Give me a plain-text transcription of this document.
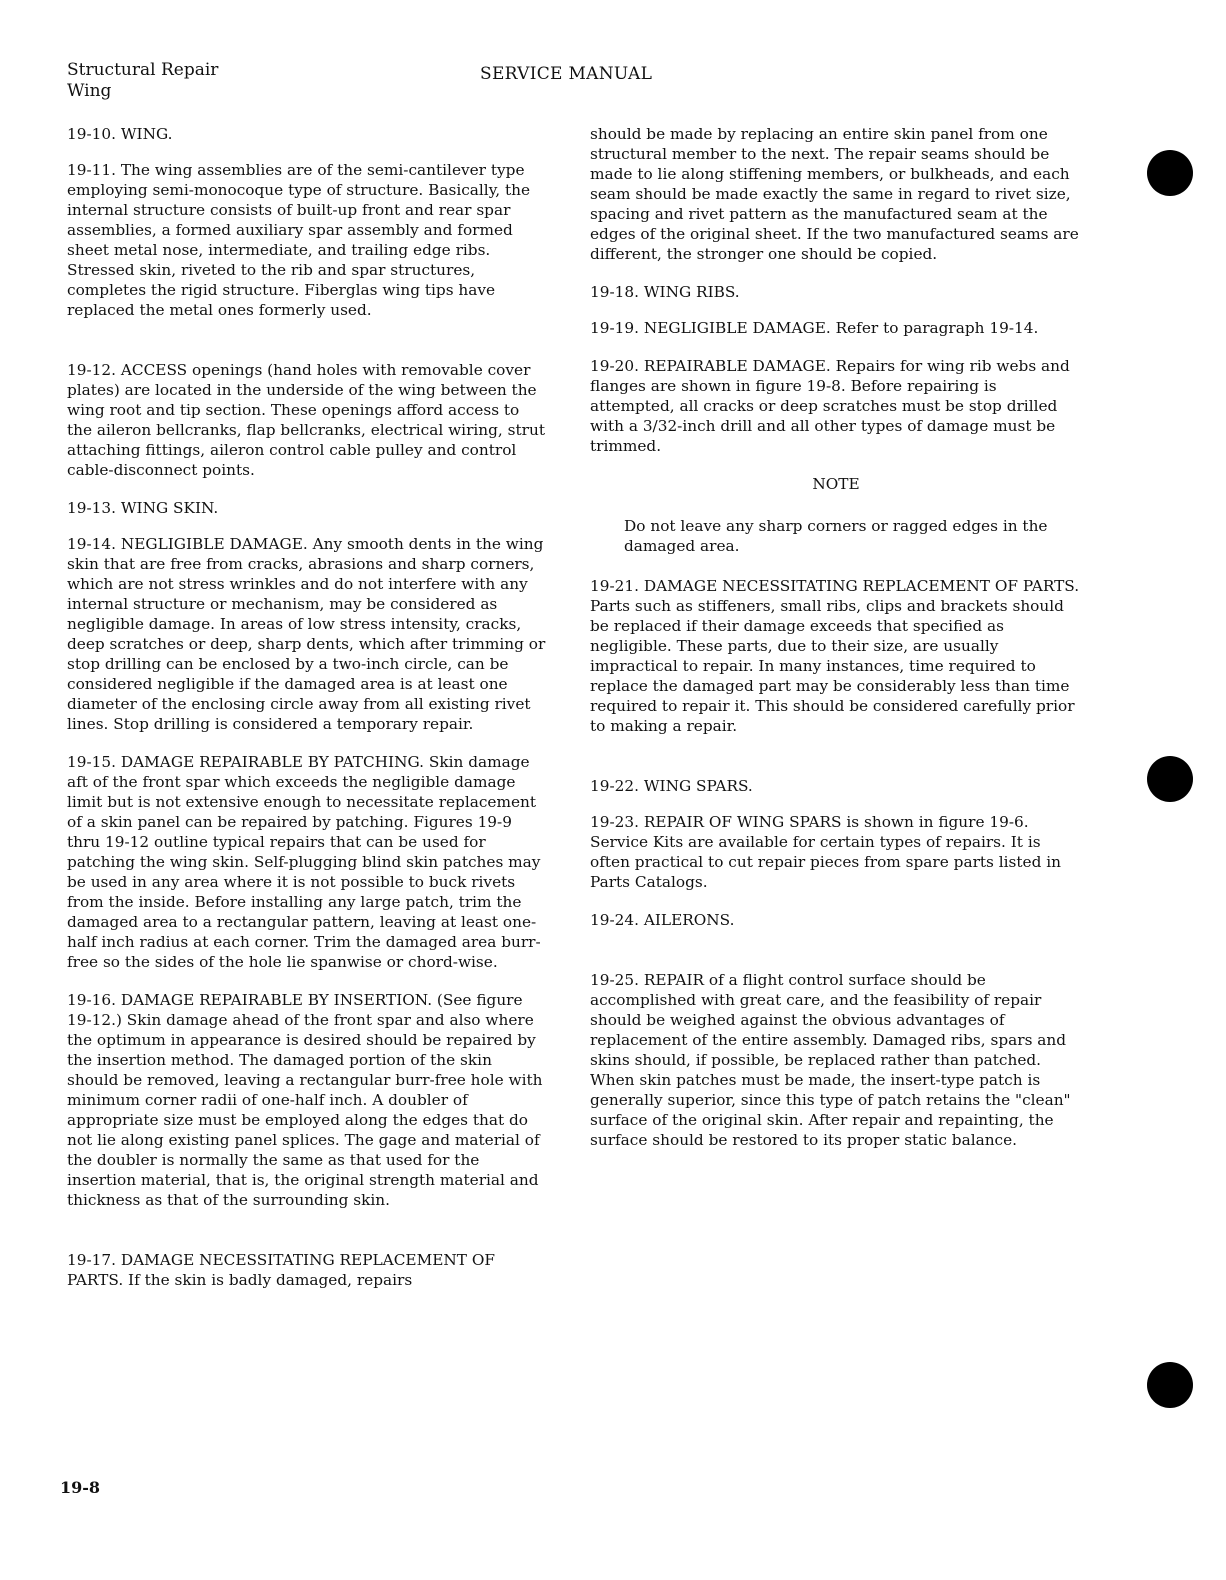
Structural Repair
Wing
SERVICE MANUAL

19-10. WING.

19-11. The wing assemblies are of the semi-cantilever type employing semi-monocoque type of structure. Basically, the internal structure consists of built-up front and rear spar assemblies, a formed auxiliary spar assembly and formed sheet metal nose, intermediate, and trailing edge ribs. Stressed skin, riveted to the rib and spar structures, completes the rigid structure. Fiberglas wing tips have replaced the metal ones formerly used.

19-12. ACCESS openings (hand holes with removable cover plates) are located in the underside of the wing between the wing root and tip section. These openings afford access to the aileron bellcranks, flap bellcranks, electrical wiring, strut attaching fittings, aileron control cable pulley and control cable-disconnect points.

19-13. WING SKIN.

19-14. NEGLIGIBLE DAMAGE. Any smooth dents in the wing skin that are free from cracks, abrasions and sharp corners, which are not stress wrinkles and do not interfere with any internal structure or mechanism, may be considered as negligible damage. In areas of low stress intensity, cracks, deep scratches or deep, sharp dents, which after trimming or stop drilling can be enclosed by a two-inch circle, can be considered negligible if the damaged area is at least one diameter of the enclosing circle away from all existing rivet lines. Stop drilling is considered a temporary repair.

19-15. DAMAGE REPAIRABLE BY PATCHING. Skin damage aft of the front spar which exceeds the negligible damage limit but is not extensive enough to necessitate replacement of a skin panel can be repaired by patching. Figures 19-9 thru 19-12 outline typical repairs that can be used for patching the wing skin. Self-plugging blind skin patches may be used in any area where it is not possible to buck rivets from the inside. Before installing any large patch, trim the damaged area to a rectangular pattern, leaving at least one-half inch radius at each corner. Trim the damaged area burr-free so the sides of the hole lie spanwise or chord-wise.

19-16. DAMAGE REPAIRABLE BY INSERTION. (See figure 19-12.) Skin damage ahead of the front spar and also where the optimum in appearance is desired should be repaired by the insertion method. The damaged portion of the skin should be removed, leaving a rectangular burr-free hole with minimum corner radii of one-half inch. A doubler of appropriate size must be employed along the edges that do not lie along existing panel splices. The gage and material of the doubler is normally the same as that used for the insertion material, that is, the original strength material and thickness as that of the surrounding skin.

19-17. DAMAGE NECESSITATING REPLACEMENT OF PARTS. If the skin is badly damaged, repairs

should be made by replacing an entire skin panel from one structural member to the next. The repair seams should be made to lie along stiffening members, or bulkheads, and each seam should be made exactly the same in regard to rivet size, spacing and rivet pattern as the manufactured seam at the edges of the original sheet. If the two manufactured seams are different, the stronger one should be copied.

19-18. WING RIBS.

19-19. NEGLIGIBLE DAMAGE. Refer to paragraph 19-14.

19-20. REPAIRABLE DAMAGE. Repairs for wing rib webs and flanges are shown in figure 19-8. Before repairing is attempted, all cracks or deep scratches must be stop drilled with a 3/32-inch drill and all other types of damage must be trimmed.

NOTE

Do not leave any sharp corners or ragged edges in the damaged area.

19-21. DAMAGE NECESSITATING REPLACEMENT OF PARTS. Parts such as stiffeners, small ribs, clips and brackets should be replaced if their damage exceeds that specified as negligible. These parts, due to their size, are usually impractical to repair. In many instances, time required to replace the damaged part may be considerably less than time required to repair it. This should be considered carefully prior to making a repair.

19-22. WING SPARS.

19-23. REPAIR OF WING SPARS is shown in figure 19-6. Service Kits are available for certain types of repairs. It is often practical to cut repair pieces from spare parts listed in Parts Catalogs.

19-24. AILERONS.

19-25. REPAIR of a flight control surface should be accomplished with great care, and the feasibility of repair should be weighed against the obvious advantages of replacement of the entire assembly. Damaged ribs, spars and skins should, if possible, be replaced rather than patched. When skin patches must be made, the insert-type patch is generally superior, since this type of patch retains the "clean" surface of the original skin. After repair and repainting, the surface should be restored to its proper static balance.

19-8
